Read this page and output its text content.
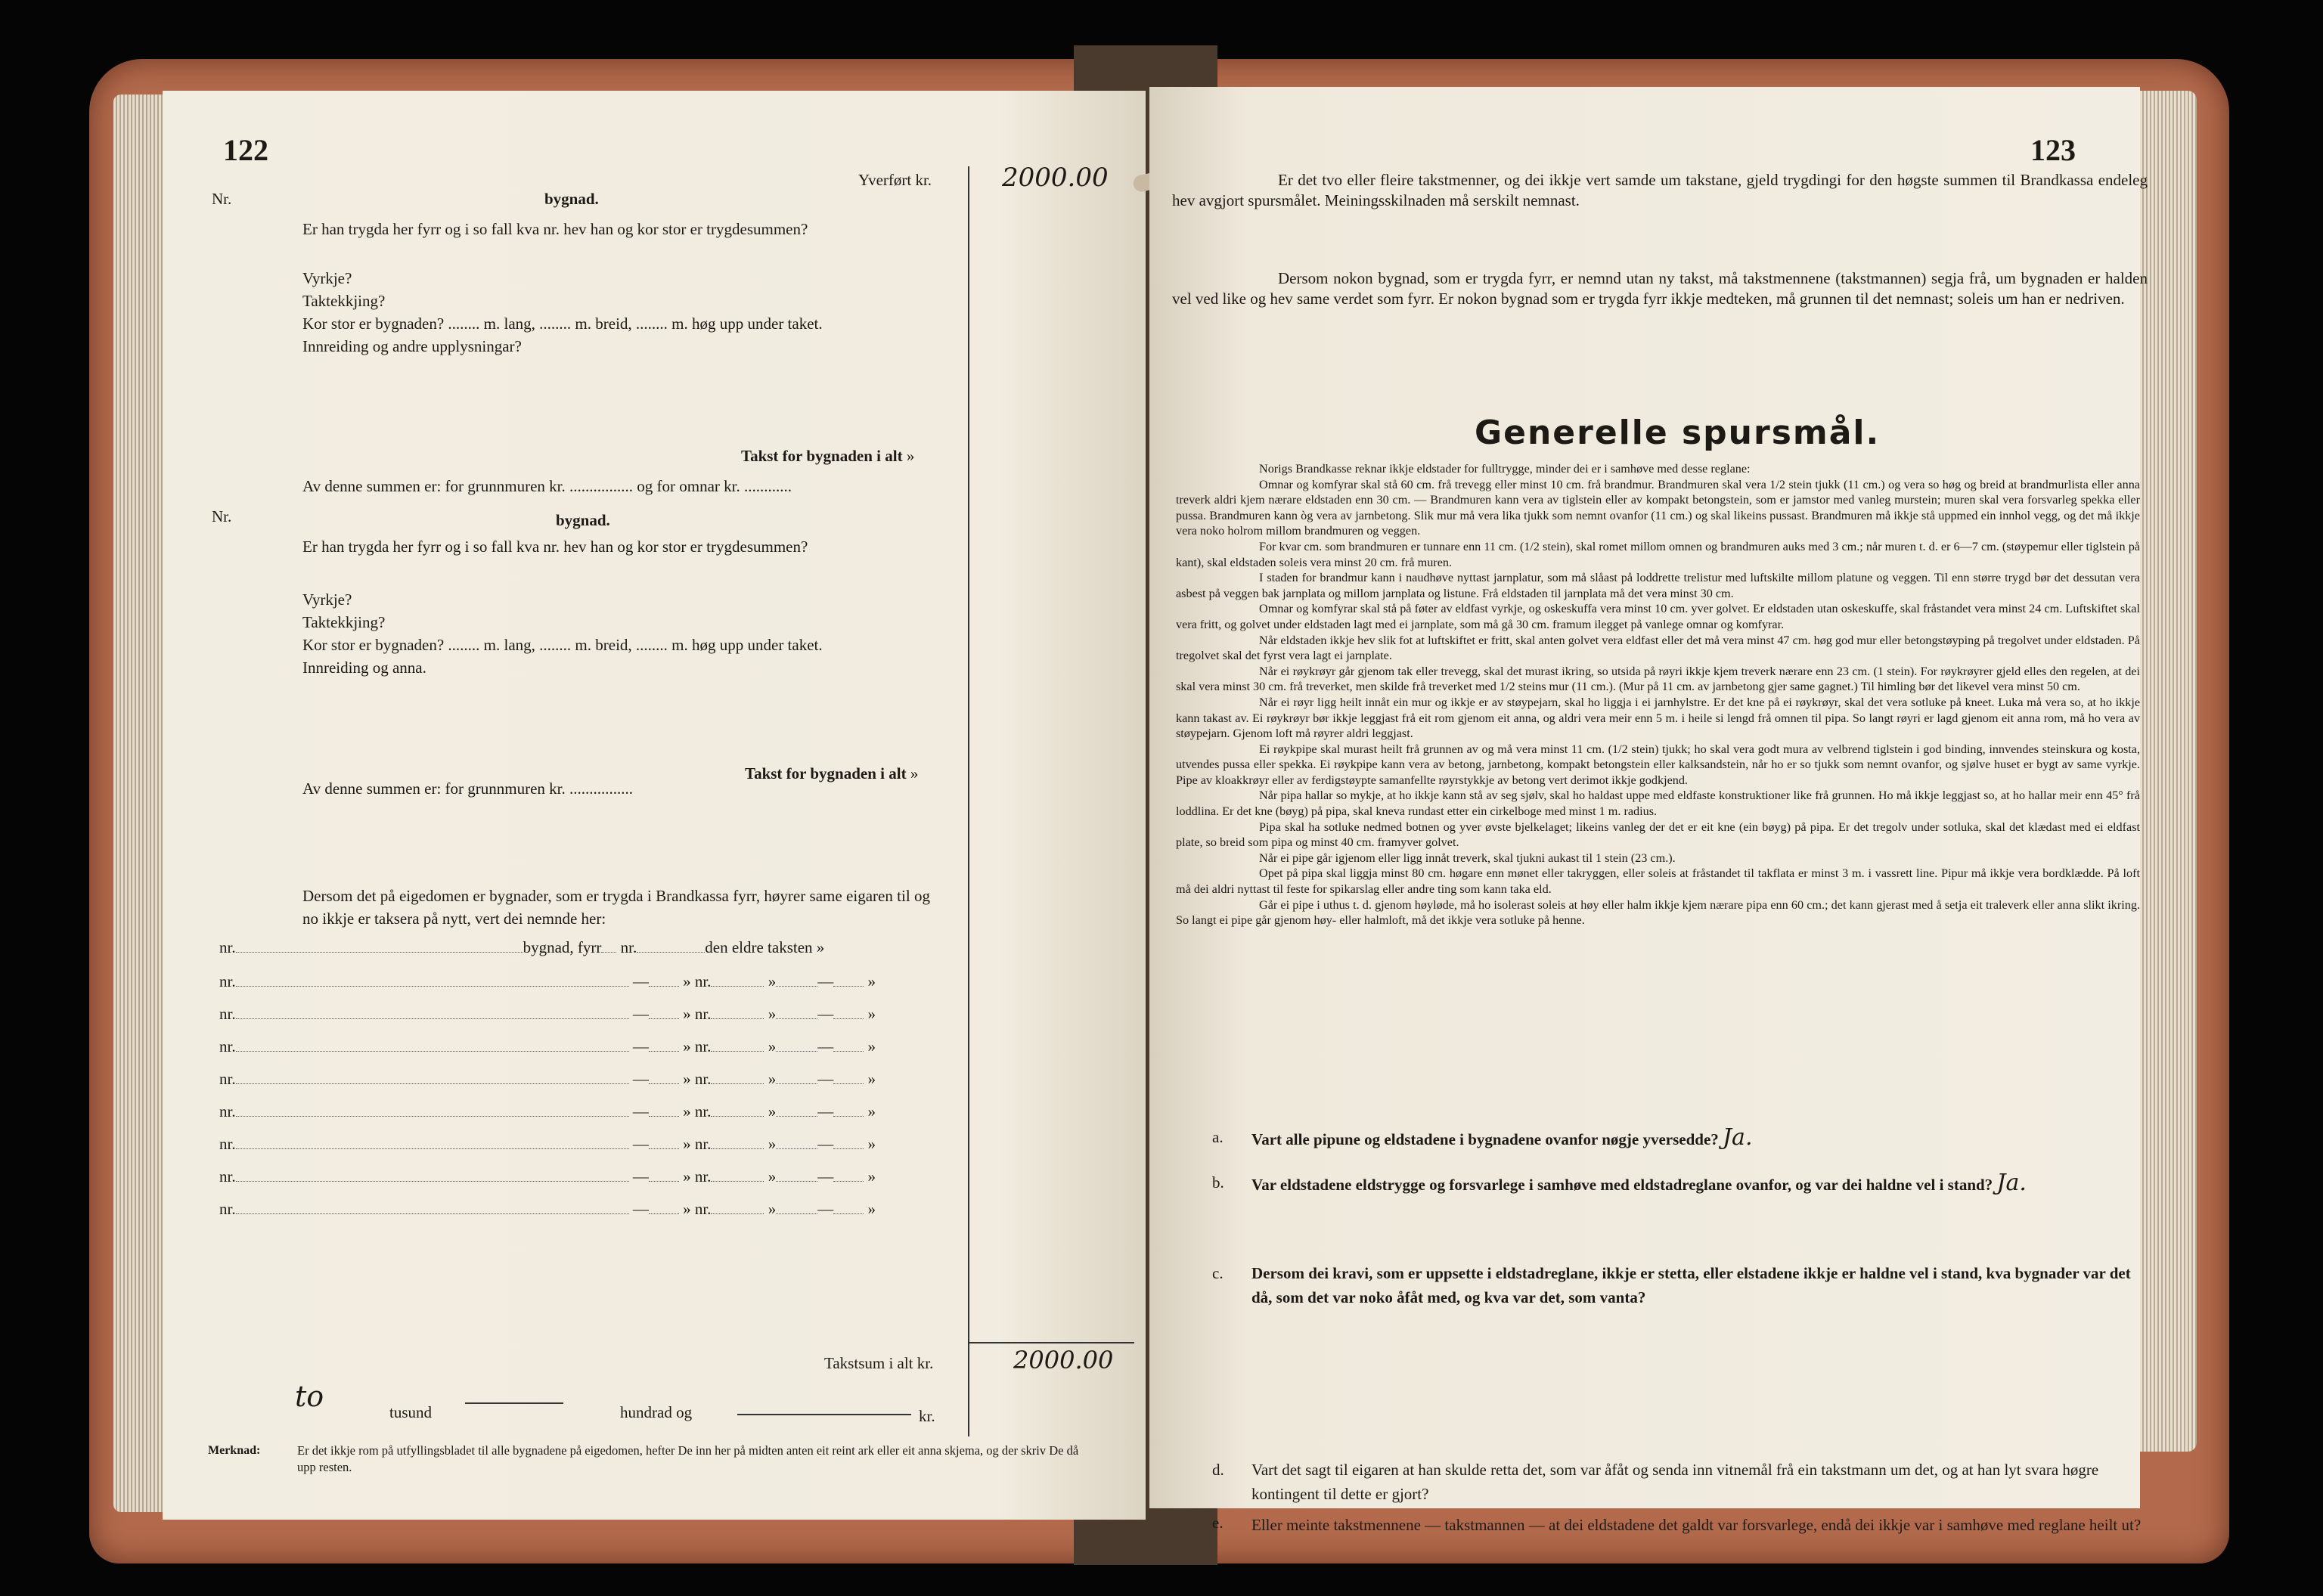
122
Yverført kr.	2000.00
Nr.	bygnad.
Er han trygda her fyrr og i so fall kva nr. hev han og kor stor er trygdesummen?
Vyrkje?
Taktekkjing?
Kor stor er bygnaden? ........ m. lang, ........ m. breid, ........ m. høg upp under taket.
Innreiding og andre upplysningar?
Takst for bygnaden i alt »
Av denne summen er: for grunnmuren kr. ................ og for omnar kr. ............
Nr.	bygnad.
Er han trygda her fyrr og i so fall kva nr. hev han og kor stor er trygdesummen?
Vyrkje?
Taktekkjing?
Kor stor er bygnaden? ........ m. lang, ........ m. breid, ........ m. høg upp under taket.
Innreiding og anna.
Takst for bygnaden i alt »
Av denne summen er: for grunnmuren kr. ................
Dersom det på eigedomen er bygnader, som er trygda i Brandkassa fyrr, høyrer same eigaren til og no ikkje er taksera på nytt, vert dei nemnde her:
nr.	bygnad, fyrr nr.	den eldre taksten »
nr.	— » nr.	»	— »
nr.	— » nr.	»	— »
nr.	— » nr.	»	— »
nr.	— » nr.	»	— »
nr.	— » nr.	»	— »
nr.	— » nr.	»	— »
nr.	— » nr.	»	— »
nr.	— » nr.	»	— »
Takstsum i alt kr.	2000.00
to	tusund	hundrad og	kr.
Merknad:	Er det ikkje rom på utfyllingsbladet til alle bygnadene på eigedomen, hefter De inn her på midten anten eit reint ark eller eit anna skjema, og der skriv De då upp resten.
123
Er det tvo eller fleire takstmenner, og dei ikkje vert samde um takstane, gjeld trygdingi for den høgste summen til Brandkassa endeleg hev avgjort spursmålet. Meiningsskilnaden må serskilt nemnast.
Dersom nokon bygnad, som er trygda fyrr, er nemnd utan ny takst, må takstmennene (takstmannen) segja frå, um bygnaden er halden vel ved like og hev same verdet som fyrr. Er nokon bygnad som er trygda fyrr ikkje medteken, må grunnen til det nemnast; soleis um han er nedriven.
Generelle spursmål.
Norigs Brandkasse reknar ikkje eldstader for fulltrygge, minder dei er i samhøve med desse reglane:
Omnar og komfyrar skal stå 60 cm. frå trevegg eller minst 10 cm. frå brandmur. Brandmuren skal vera 1/2 stein tjukk (11 cm.) og vera so høg og breid at brandmurlista eller anna treverk aldri kjem nærare eldstaden enn 30 cm. — Brandmuren kann vera av tiglstein eller av kompakt betongstein, som er jamstor med vanleg murstein; muren skal vera forsvarleg spekka eller pussa. Brandmuren kann òg vera av jarnbetong. Slik mur må vera lika tjukk som nemnt ovanfor (11 cm.) og skal likeins pussast. Brandmuren må ikkje stå uppmed ein innhol vegg, og det må ikkje vera noko holrom millom brandmuren og veggen.
For kvar cm. som brandmuren er tunnare enn 11 cm. (1/2 stein), skal romet millom omnen og brandmuren auks med 3 cm.; når muren t. d. er 6—7 cm. (støypemur eller tiglstein på kant), skal eldstaden soleis vera minst 20 cm. frå muren.
I staden for brandmur kann i naudhøve nyttast jarnplatur, som må slåast på loddrette trelistur med luftskilte millom platune og veggen. Til enn større trygd bør det dessutan vera asbest på veggen bak jarnplata og millom jarnplata og listune. Frå eldstaden til jarnplata må det vera minst 30 cm.
Omnar og komfyrar skal stå på føter av eldfast vyrkje, og oskeskuffa vera minst 10 cm. yver golvet. Er eldstaden utan oskeskuffe, skal fråstandet vera minst 24 cm. Luftskiftet skal vera fritt, og golvet under eldstaden lagt med ei jarnplate, som må gå 30 cm. framum ilegget på vanlege omnar og komfyrar.
Når eldstaden ikkje hev slik fot at luftskiftet er fritt, skal anten golvet vera eldfast eller det må vera minst 47 cm. høg god mur eller betongstøyping på tregolvet under eldstaden. På tregolvet skal det fyrst vera lagt ei jarnplate.
Når ei røykrøyr går gjenom tak eller trevegg, skal det murast ikring, so utsida på røyri ikkje kjem treverk nærare enn 23 cm. (1 stein). For røykrøyrer gjeld elles den regelen, at dei skal vera minst 30 cm. frå treverket, men skilde frå treverket med 1/2 steins mur (11 cm.). (Mur på 11 cm. av jarnbetong gjer same gagnet.) Til himling bør det likevel vera minst 50 cm.
Når ei røyr ligg heilt innåt ein mur og ikkje er av støypejarn, skal ho liggja i ei jarnhylstre. Er det kne på ei røykrøyr, skal det vera sotluke på kneet. Luka må vera so, at ho ikkje kann takast av. Ei røykrøyr bør ikkje leggjast frå eit rom gjenom eit anna, og aldri vera meir enn 5 m. i heile si lengd frå omnen til pipa. So langt røyri er lagd gjenom eit anna rom, må ho vera av støypejarn. Gjenom loft må røyrer aldri leggjast.
Ei røykpipe skal murast heilt frå grunnen av og må vera minst 11 cm. (1/2 stein) tjukk; ho skal vera godt mura av velbrend tiglstein i god binding, innvendes steinskura og kosta, utvendes pussa eller spekka. Ei røykpipe kann vera av betong, jarnbetong, kompakt betongstein eller kalksandstein, når ho er so tjukk som nemnt ovanfor, og sjølve huset er bygt av same vyrkje. Pipe av kloakkrøyr eller av ferdigstøypte samanfellte røyrstykkje av betong vert derimot ikkje godkjend.
Når pipa hallar so mykje, at ho ikkje kann stå av seg sjølv, skal ho haldast uppe med eldfaste konstruktioner like frå grunnen. Ho må ikkje leggjast so, at ho hallar meir enn 45° frå loddlina. Er det kne (bøyg) på pipa, skal kneva rundast etter ein cirkelboge med minst 1 m. radius.
Pipa skal ha sotluke nedmed botnen og yver øvste bjelkelaget; likeins vanleg der det er eit kne (ein bøyg) på pipa. Er det tregolv under sotluka, skal det klædast med ei eldfast plate, so breid som pipa og minst 40 cm. framyver golvet.
Når ei pipe går igjenom eller ligg innåt treverk, skal tjukni aukast til 1 stein (23 cm.).
Opet på pipa skal liggja minst 80 cm. høgare enn mønet eller takryggen, eller soleis at fråstandet til takflata er minst 3 m. i vassrett line. Pipur må ikkje vera bordklædde. På loft må dei aldri nyttast til feste for spikarslag eller andre ting som kann taka eld.
Går ei pipe i uthus t. d. gjenom høyløde, må ho isolerast soleis at høy eller halm ikkje kjem nærare pipa enn 60 cm.; det kann gjerast med å setja eit traleverk eller anna slikt ikring. So langt ei pipe går gjenom høy- eller halmloft, må det ikkje vera sotluke på henne.
a. Vart alle pipune og eldstadene i bygnadene ovanfor nøgje yversedde? Ja.
b. Var eldstadene eldstrygge og forsvarlege i samhøve med eldstadreglane ovanfor, og var dei haldne vel i stand? Ja.
c. Dersom dei kravi, som er uppsette i eldstadreglane, ikkje er stetta, eller elstadene ikkje er haldne vel i stand, kva bygnader var det då, som det var noko åfåt med, og kva var det, som vanta?
d. Vart det sagt til eigaren at han skulde retta det, som var åfåt og senda inn vitnemål frå ein takstmann um det, og at han lyt svara høgre kontingent til dette er gjort?
e. Eller meinte takstmennene — takstmannen — at dei eldstadene det galdt var forsvarlege, endå dei ikkje var i samhøve med reglane heilt ut?
